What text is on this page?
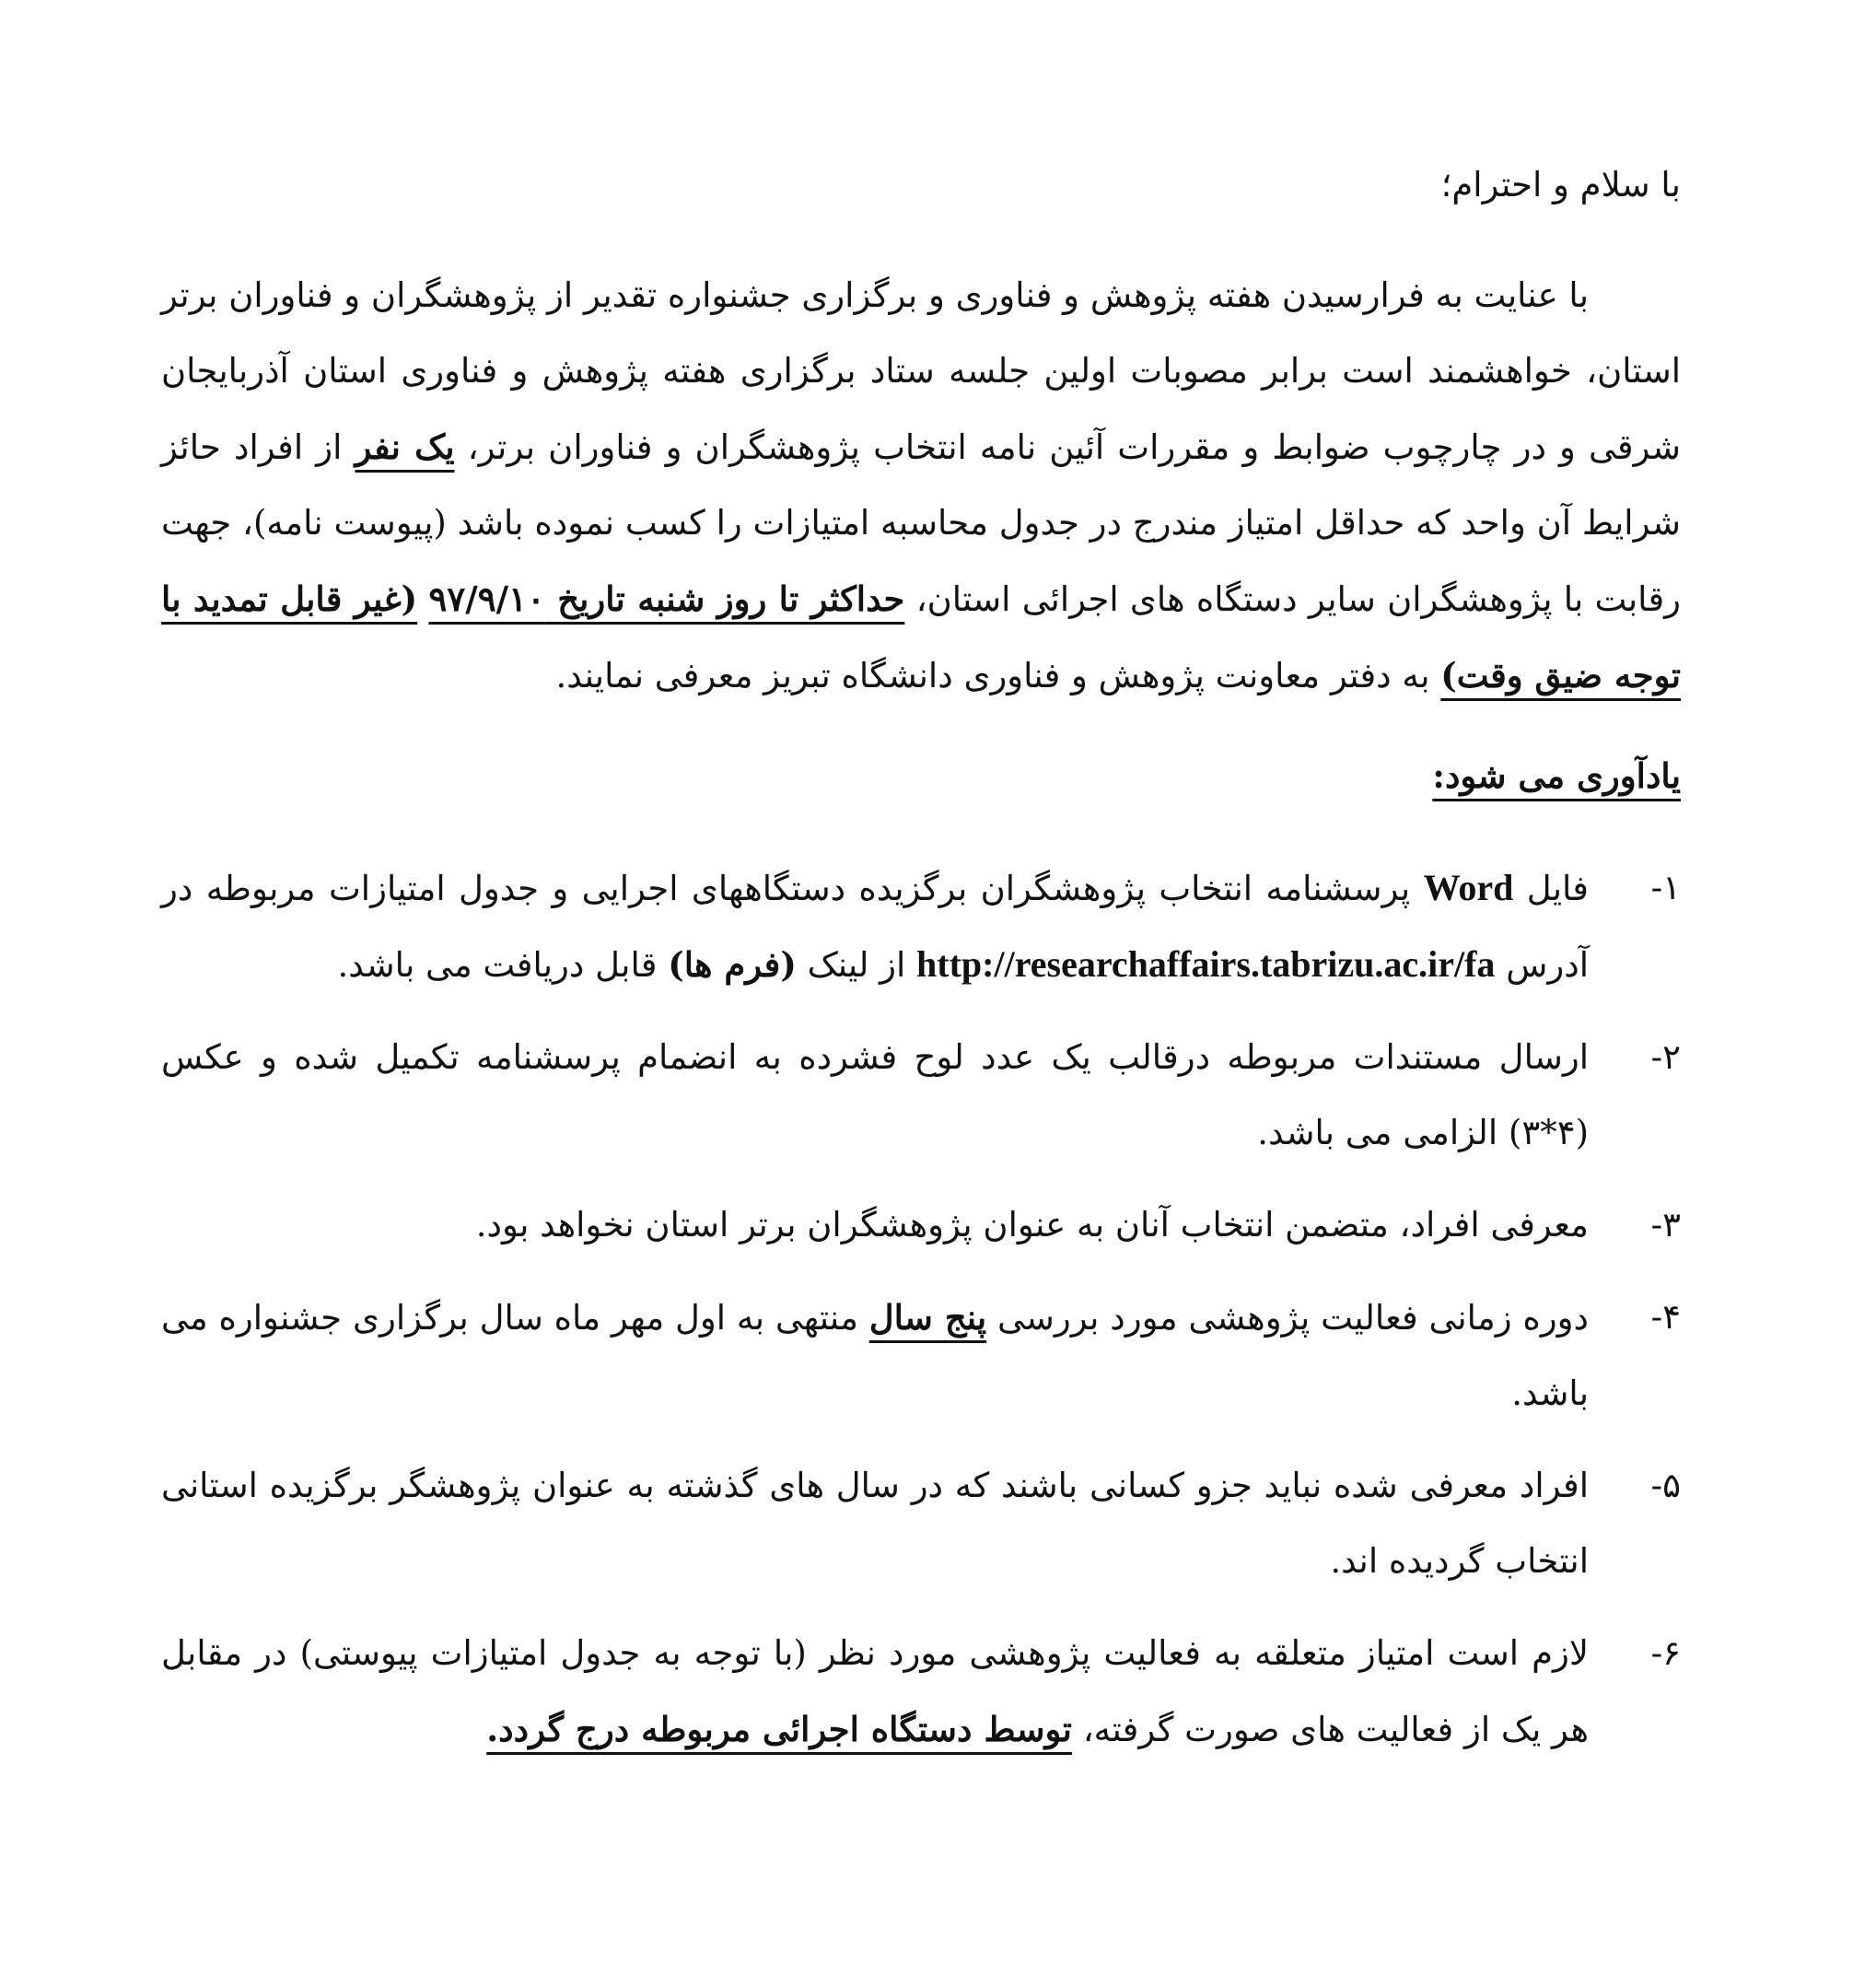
با سلام و احترام؛

با عنایت به فرارسیدن هفته پژوهش و فناوری و برگزاری جشنواره تقدیر از پژوهشگران و فناوران برتر استان، خواهشمند است برابر مصوبات اولین جلسه ستاد برگزاری هفته پژوهش و فناوری استان آذربایجان شرقی و در چارچوب ضوابط و مقررات آئین نامه انتخاب پژوهشگران و فناوران برتر، یک نفر از افراد حائز شرایط آن واحد که حداقل امتیاز مندرج در جدول محاسبه امتیازات را کسب نموده باشد (پیوست نامه)، جهت رقابت با پژوهشگران سایر دستگاه های اجرائی استان، حداکثر تا روز شنبه تاریخ ۹۷/۹/۱۰ (غیر قابل تمدید با توجه ضیق وقت) به دفتر معاونت پژوهش و فناوری دانشگاه تبریز معرفی نمایند.

یادآوری می شود:

۱-
فایل Word پرسشنامه انتخاب پژوهشگران برگزیده دستگاههای اجرایی و جدول امتیازات مربوطه در آدرس http://researchaffairs.tabrizu.ac.ir/fa از لینک (فرم ها) قابل دریافت می باشد.
۲-
ارسال مستندات مربوطه درقالب یک عدد لوح فشرده به انضمام پرسشنامه تکمیل شده و عکس (۴*۳) الزامی می باشد.
۳-
معرفی افراد، متضمن انتخاب آنان به عنوان پژوهشگران برتر استان نخواهد بود.
۴-
دوره زمانی فعالیت پژوهشی مورد بررسی پنج سال منتهی به اول مهر ماه سال برگزاری جشنواره می باشد.
۵-
افراد معرفی شده نباید جزو کسانی باشند که در سال های گذشته به عنوان پژوهشگر برگزیده استانی انتخاب گردیده اند.
۶-
لازم است امتیاز متعلقه به فعالیت پژوهشی مورد نظر (با توجه به جدول امتیازات پیوستی) در مقابل هر یک از فعالیت های صورت گرفته، توسط دستگاه اجرائی مربوطه درج گردد.
